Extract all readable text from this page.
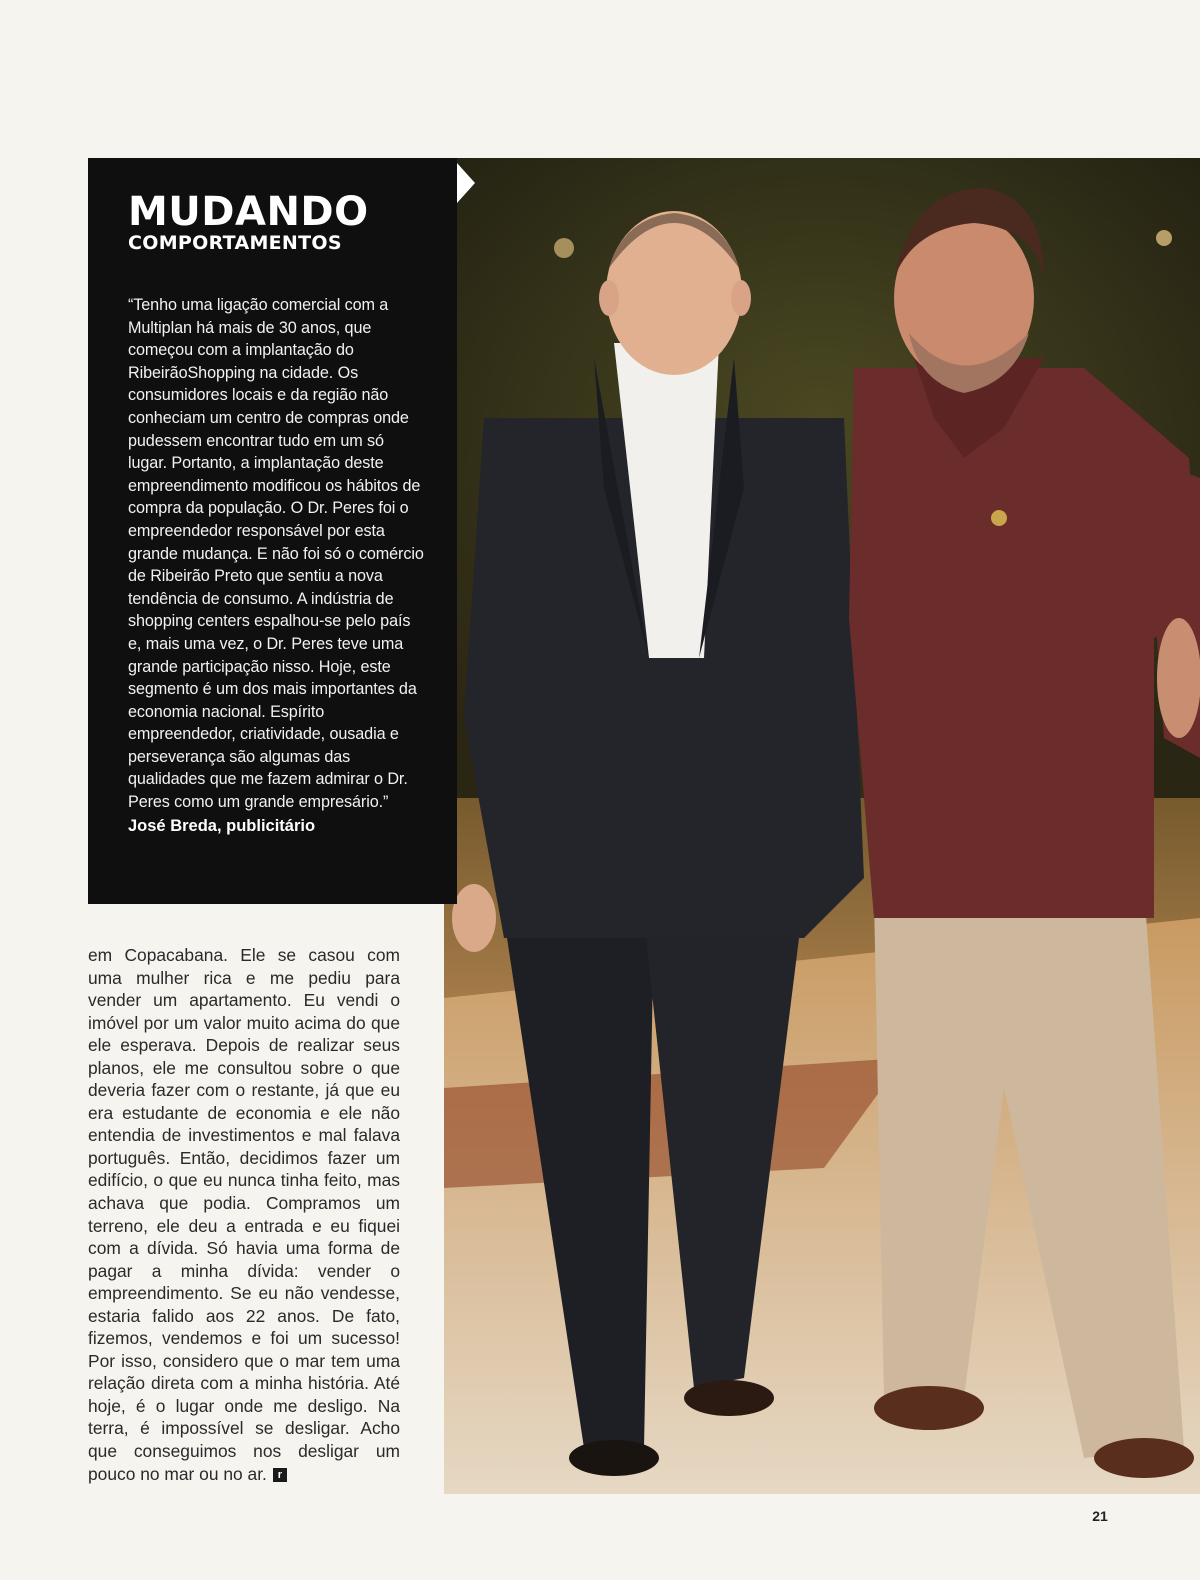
MUDANDO
COMPORTAMENTOS

“Tenho uma ligação comercial com a Multiplan há mais de 30 anos, que começou com a implantação do RibeirãoShopping na cidade. Os consumidores locais e da região não conheciam um centro de compras onde pudessem encontrar tudo em um só lugar. Portanto, a implantação deste empreendimento modificou os hábitos de compra da população. O Dr. Peres foi o empreendedor responsável por esta grande mudança. E não foi só o comércio de Ribeirão Preto que sentiu a nova tendência de consumo. A indústria de shopping centers espalhou-se pelo país e, mais uma vez, o Dr. Peres teve uma grande participação nisso. Hoje, este segmento é um dos mais importantes da economia nacional. Espírito empreendedor, criatividade, ousadia e perseverança são algumas das qualidades que me fazem admirar o Dr. Peres como um grande empresário.”

José Breda, publicitário

em Copacabana. Ele se casou com uma mulher rica e me pediu para vender um apartamento. Eu vendi o imóvel por um valor muito acima do que ele esperava. Depois de realizar seus planos, ele me consultou sobre o que deveria fazer com o restante, já que eu era estudante de economia e ele não entendia de investimentos e mal falava português. Então, decidimos fazer um edifício, o que eu nunca tinha feito, mas achava que podia. Compramos um terreno, ele deu a entrada e eu fiquei com a dívida. Só havia uma forma de pagar a minha dívida: vender o empreendimento. Se eu não vendesse, estaria falido aos 22 anos. De fato, fizemos, vendemos e foi um sucesso! Por isso, considero que o mar tem uma relação direta com a minha história. Até hoje, é o lugar onde me desligo. Na terra, é impossível se desligar. Acho que conseguimos nos desligar um pouco no mar ou no ar. r

21
